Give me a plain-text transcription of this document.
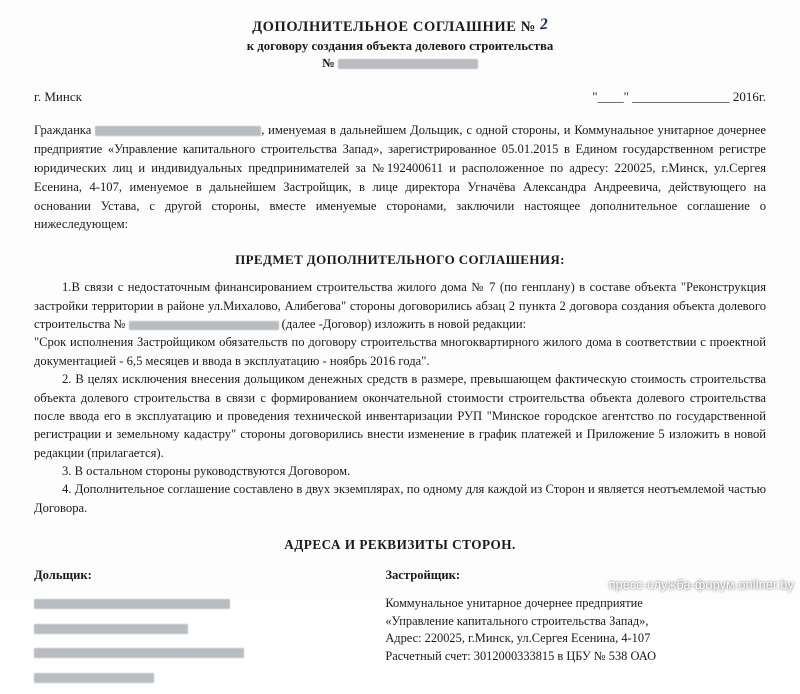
ДОПОЛНИТЕЛЬНОЕ СОГЛАШНИЕ № 2
к договору создания объекта долевого строительства
№
г. Минск	"____" _______________ 2016г.

Гражданка	, именуемая в дальнейшем Дольщик, с одной стороны, и Коммунальное унитарное дочернее предприятие «Управление капитального строительства Запад», зарегистрированное 05.01.2015 в Едином государственном регистре юридических лиц и индивидуальных предпринимателей за №192400611 и расположенное по адресу: 220025, г.Минск, ул.Сергея Есенина, 4-107, именуемое в дальнейшем Застройщик, в лице директора Угначёва Александра Андреевича, действующего на основании Устава, с другой стороны, вместе именуемые сторонами, заключили настоящее дополнительное соглашение о нижеследующем:

ПРЕДМЕТ ДОПОЛНИТЕЛЬНОГО СОГЛАШЕНИЯ:

1.В связи с недостаточным финансированием строительства жилого дома № 7 (по генплану) в составе объекта "Реконструкция застройки территории в районе ул.Михалово, Алибегова" стороны договорились абзац 2 пункта 2 договора создания объекта долевого строительства №	(далее -Договор) изложить в новой редакции:

"Срок исполнения Застройщиком обязательств по договору строительства многоквартирного жилого дома в соответствии с проектной документацией - 6,5 месяцев и ввода в эксплуатацию - ноябрь 2016 года".

2. В целях исключения внесения дольщиком денежных средств в размере, превышающем фактическую стоимость строительства объекта долевого строительства в связи с формированием окончательной стоимости строительства объекта долевого строительства после ввода его в эксплуатацию и проведения технической инвентаризации РУП "Минское городское агентство по государственной регистрации и земельному кадастру" стороны договорились внести изменение в график платежей и Приложение 5 изложить в новой редакции (прилагается).

3. В остальном стороны руководствуются Договором.

4. Дополнительное соглашение составлено в двух экземплярах, по одному для каждой из Сторон и является неотъемлемой частью Договора.

АДРЕСА И РЕКВИЗИТЫ СТОРОН.
Дольщик:	Застройщик:
Коммунальное унитарное дочернее предприятие
«Управление капитального строительства Запад»,
Адрес: 220025, г.Минск, ул.Сергея Есенина, 4-107
Расчетный счет: 3012000333815 в ЦБУ № 538 ОАО
пресс-служба-форум.onliner.by
